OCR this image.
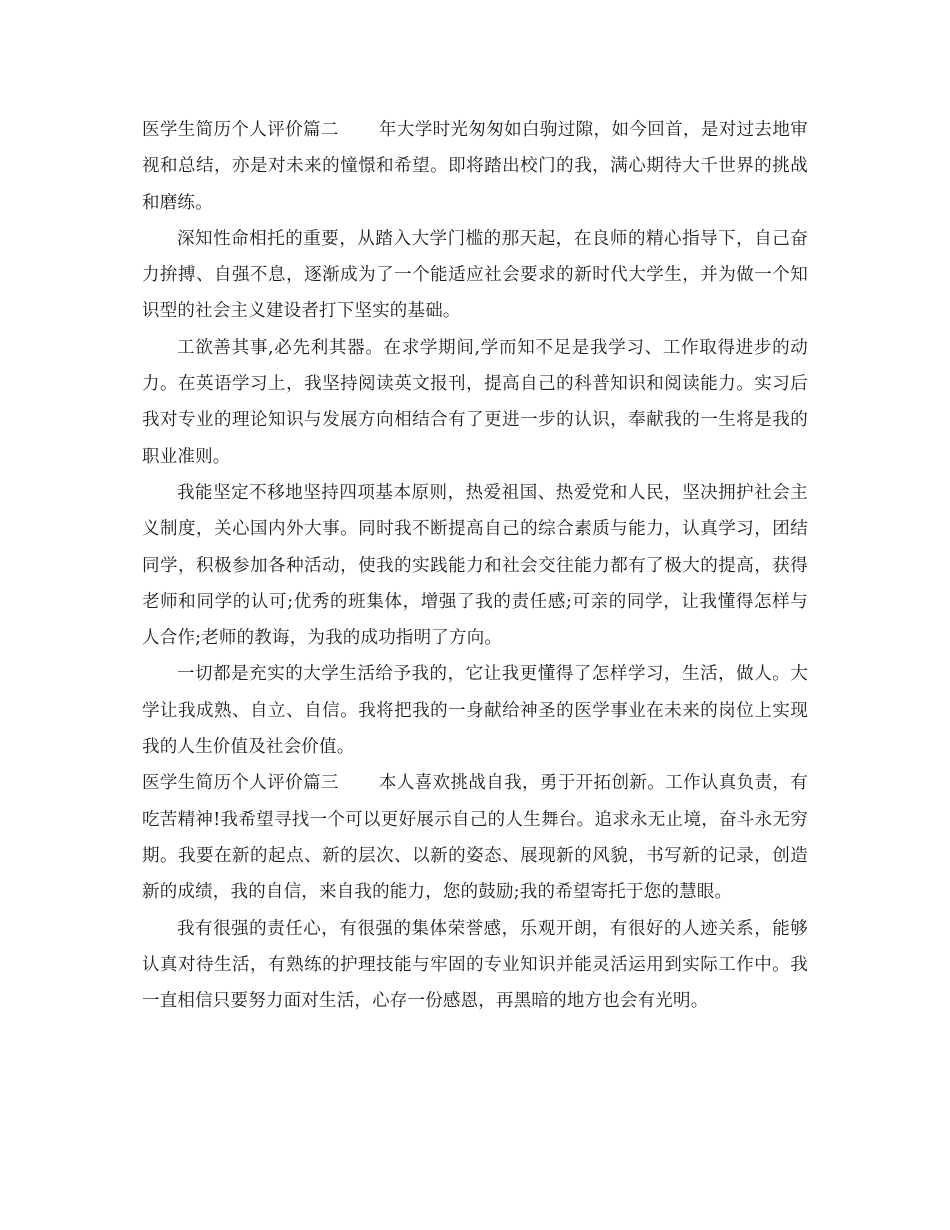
医学生简历个人评价篇二 年大学时光匆匆如白驹过隙，如今回首，是对过去地审视和总结，亦是对未来的憧憬和希望。即将踏出校门的我，满心期待大千世界的挑战和磨练。

深知性命相托的重要，从踏入大学门槛的那天起，在良师的精心指导下，自己奋力拚搏、自强不息，逐渐成为了一个能适应社会要求的新时代大学生，并为做一个知识型的社会主义建设者打下坚实的基础。

工欲善其事,必先利其器。在求学期间,学而知不足是我学习、工作取得进步的动力。在英语学习上，我坚持阅读英文报刊，提高自己的科普知识和阅读能力。实习后我对专业的理论知识与发展方向相结合有了更进一步的认识，奉献我的一生将是我的职业准则。

我能坚定不移地坚持四项基本原则，热爱祖国、热爱党和人民，坚决拥护社会主义制度，关心国内外大事。同时我不断提高自己的综合素质与能力，认真学习，团结同学，积极参加各种活动，使我的实践能力和社会交往能力都有了极大的提高，获得老师和同学的认可;优秀的班集体，增强了我的责任感;可亲的同学，让我懂得怎样与人合作;老师的教诲，为我的成功指明了方向。

一切都是充实的大学生活给予我的，它让我更懂得了怎样学习，生活，做人。大学让我成熟、自立、自信。我将把我的一身献给神圣的医学事业在未来的岗位上实现我的人生价值及社会价值。

医学生简历个人评价篇三 本人喜欢挑战自我，勇于开拓创新。工作认真负责，有吃苦精神!我希望寻找一个可以更好展示自己的人生舞台。追求永无止境，奋斗永无穷期。我要在新的起点、新的层次、以新的姿态、展现新的风貌，书写新的记录，创造新的成绩，我的自信，来自我的能力，您的鼓励;我的希望寄托于您的慧眼。

我有很强的责任心，有很强的集体荣誉感，乐观开朗，有很好的人迹关系，能够认真对待生活，有熟练的护理技能与牢固的专业知识并能灵活运用到实际工作中。我一直相信只要努力面对生活，心存一份感恩，再黑暗的地方也会有光明。
